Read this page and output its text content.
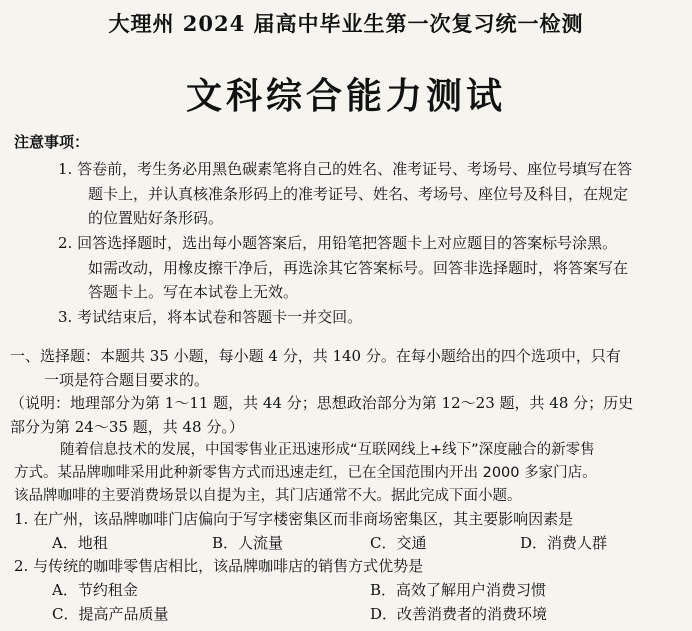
大理州 2024 届高中毕业生第一次复习统一检测
文科综合能力测试
注意事项：
1. 答卷前，考生务必用黑色碳素笔将自己的姓名、准考证号、考场号、座位号填写在答
题卡上，并认真核准条形码上的准考证号、姓名、考场号、座位号及科目，在规定
的位置贴好条形码。
2. 回答选择题时，选出每小题答案后，用铅笔把答题卡上对应题目的答案标号涂黑。
如需改动，用橡皮擦干净后，再选涂其它答案标号。回答非选择题时，将答案写在
答题卡上。写在本试卷上无效。
3. 考试结束后，将本试卷和答题卡一并交回。
一、选择题：本题共 35 小题，每小题 4 分，共 140 分。在每小题给出的四个选项中，只有
一项是符合题目要求的。
（说明：地理部分为第 1～11 题，共 44 分；思想政治部分为第 12～23 题，共 48 分；历史
部分为第 24～35 题，共 48 分。）
随着信息技术的发展，中国零售业正迅速形成“互联网线上+线下”深度融合的新零售
方式。某品牌咖啡采用此种新零售方式而迅速走红，已在全国范围内开出 2000 多家门店。
该品牌咖啡的主要消费场景以自提为主，其门店通常不大。据此完成下面小题。
1. 在广州，该品牌咖啡门店偏向于写字楼密集区而非商场密集区，其主要影响因素是
A．地租	B．人流量	C．交通	D．消费人群
2. 与传统的咖啡零售店相比，该品牌咖啡店的销售方式优势是
A．节约租金	B．高效了解用户消费习惯
C．提高产品质量	D．改善消费者的消费环境
